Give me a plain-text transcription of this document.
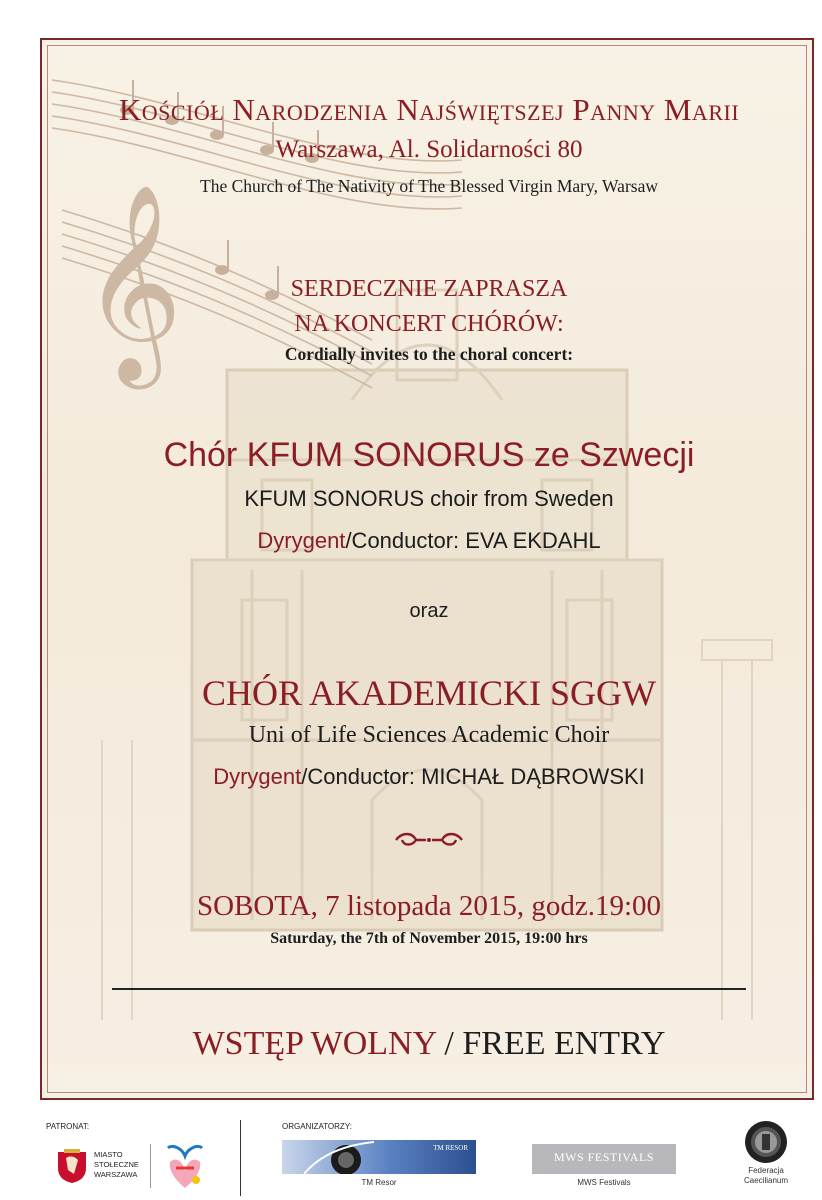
𝄞
Kościół Narodzenia Najświętszej Panny Marii
Warszawa, Al. Solidarności 80
The Church of The Nativity of The Blessed Virgin Mary, Warsaw
SERDECZNIE ZAPRASZA
NA KONCERT CHÓRÓW:
Cordially invites to the choral concert:
Chór KFUM SONORUS ze Szwecji
KFUM SONORUS choir from Sweden
Dyrygent/Conductor: EVA EKDAHL
oraz
CHÓR AKADEMICKI SGGW
Uni of Life Sciences Academic Choir
Dyrygent/Conductor: MICHAŁ DĄBROWSKI
SOBOTA, 7 listopada 2015, godz.19:00
Saturday, the 7th of November 2015, 19:00 hrs
WSTĘP WOLNY / FREE ENTRY
PATRONAT:
MIASTO
STOŁECZNE
WARSZAWA
ORGANIZATORZY:
TM RESOR
TM Resor
MWS FESTIVALS
MWS Festivals
Federacja
Caecilianum
